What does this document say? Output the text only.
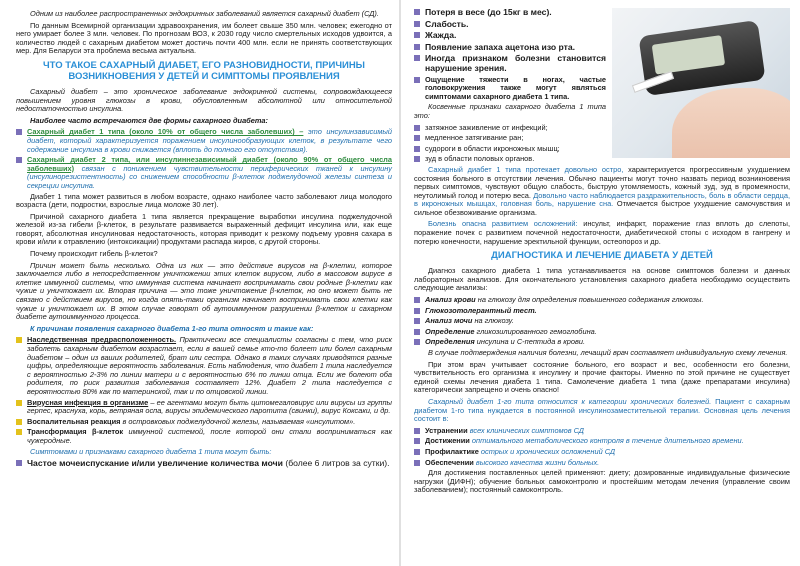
Одним из наиболее распространенных эндокринных заболеваний является сахарный диабет (СД).

По данным Всемирной организации здравоохранения, им болеет свыше 350 млн. человек; ежегодно от него умирает более 3 млн. человек. По прогнозам ВОЗ, к 2030 году число смертельных исходов удвоится, а количество людей с сахарным диабетом может достичь почти 400 млн. если не принять соответствующих мер. Для Беларуси эта проблема весьма актуальна.

ЧТО ТАКОЕ САХАРНЫЙ ДИАБЕТ, ЕГО РАЗНОВИДНОСТИ, ПРИЧИНЫ ВОЗНИКНОВЕНИЯ У ДЕТЕЙ И СИМПТОМЫ ПРОЯВЛЕНИЯ

Сахарный диабет – это хроническое заболевание эндокринной системы, сопровождающееся повышением уровня глюкозы в крови, обусловленным абсолютной или относительной недостаточностью инсулина.

Наиболее часто встречаются две формы сахарного диабета:

Сахарный диабет 1 типа (около 10% от общего числа заболевших) – это инсулинзависимый диабет, который характеризуется поражением инсулинообразующих клеток, в результате чего содержание инсулина в крови снижается (вплоть до полного его отсутствия).
Сахарный диабет 2 типа, или инсулиннезависимый диабет (около 90% от общего числа заболевших) связан с понижением чувствительности периферических тканей к инсулину (инсулинорезистентность) со снижением способности β-клеток поджелудочной железы синтеза и секреции инсулина.

Диабет 1 типа может развиться в любом возрасте, однако наиболее часто заболевают лица молодого возраста (дети, подростки, взрослые лица моложе 30 лет).

Причиной сахарного диабета 1 типа является прекращение выработки инсулина поджелудочной железой из-за гибели β-клеток, в результате развивается выраженный дефицит инсулина или, как еще говорят, абсолютная инсулиновая недостаточность, которая приводит к резкому подъему уровня сахара в крови и/или к отравлению (интоксикации) продуктами распада жиров, с другой стороны.

Почему происходит гибель β-клеток?

Причин может быть несколько. Одна из них — это действие вирусов на β-клетки, которое заключается либо в непосредственном уничтожении этих клеток вирусом, либо в массовом вирусе в клетке иммунной системы, что иммунная система начинает воспринимать свои родные β-клетки как чужие и уничтожает их. Вторая причина — это тоже уничтожение β-клеток, но оно может быть не связано с действием вирусов, но когда опять-таки организм начинает воспринимать свои клетки как чужие и уничтожает их. В этом случае говорят об аутоиммунном разрушении β-клеток и сахарном диабете аутоиммунного процесса.

К причинам появления сахарного диабета 1-го типа относят и такие как:

Наследственная предрасположенность. Практически все специалисты согласны с тем, что риск заболеть сахарным диабетом возрастает, если в вашей семье кто-то болеет или болел сахарным диабетом – один из ваших родителей, брат или сестра. Однако в таких случаях приводятся разные цифры, определяющие вероятность заболевания. Есть наблюдения, что диабет 1 типа наследуется с вероятностью 2-3% по линии матери и с вероятностью 6% по линии отца. Если же болеют оба родителя, по риск развития заболевания составляет 12%. Диабет 2 типа наследуется с вероятностью 80% как по материнской, так и по отцовской линии.
Вирусная инфекция в организме – ее агентами могут быть цитомегаловирус или вирусы из группы герпес, краснуха, корь, ветряная оспа, вирусы эпидемического паротита (свинки), вирус Коксаки, и др.
Воспалительная реакция в островковых поджелудочной железы, называемая «инсулитом».
Трансформация β-клеток иммунной системой, после которой они стали восприниматься как чужеродные.

Симптомами и признаками сахарного диабета 1 типа могут быть:

Частое мочеиспускание и/или увеличение количества мочи (более 6 литров за сутки).
Потеря в весе (до 15кг в мес).
Слабость.
Жажда.
Появление запаха ацетона изо рта.
Иногда признаком болезни становится нарушение зрения.
Ощущение тяжести в ногах, частые головокружения также могут являться симптомами сахарного диабета 1 типа.

Косвенные признаки сахарного диабета 1 типа это:

затяжное заживление от инфекций;
медленное затягивание ран;
судороги в области икроножных мышц;
зуд в области половых органов.

Сахарный диабет 1 типа протекает довольно остро, характеризуется прогрессивным ухудшением состояния больного в отсутствии лечения. Обычно пациенты могут точно назвать период возникновения первых симптомов, чувствуют общую слабость, быструю утомляемость, кожный зуд, зуд в промежности, неутолимый голод и потерю веса. Довольно часто наблюдается раздражительность, боль в области сердца, в икроножных мышцах, головная боль, нарушение сна. Отмечается быстрое ухудшение самочувствия и сильное обезвоживание организма.

Болезнь опасна развитием осложнений: инсульт, инфаркт, поражение глаз вплоть до слепоты, поражение почек с развитием почечной недостаточности, диабетической стопы с исходом в гангрену и потерю конечности, нарушение эректильной функции, остеопороз и др.

ДИАГНОСТИКА И ЛЕЧЕНИЕ ДИАБЕТА У ДЕТЕЙ

Диагноз сахарного диабета 1 типа устанавливается на основе симптомов болезни и данных лабораторных анализов. Для окончательного установления сахарного диабета необходимо осуществить следующие анализы:

Анализ крови на глюкозу для определения повышенного содержания глюкозы.
Глюкозотолерантный тест.
Анализ мочи на глюкозу.
Определение гликозилированного гемоглобина.
Определения инсулина и С-пептида в крови.

В случае подтверждения наличия болезни, лечащий врач составляет индивидуальную схему лечения.

При этом врач учитывает состояние больного, его возраст и вес, особенности его болезни, чувствительность его организма к инсулину и прочие факторы. Именно по этой причине не существует единой схемы лечения диабета 1 типа. Самолечение диабета 1 типа (даже препаратами инсулина) категорически запрещено и очень опасно!

Сахарный диабет 1-го типа относится к категории хронических болезней. Пациент с сахарным диабетом 1-го типа нуждается в постоянной инсулинозаместительной терапии. Основная цель лечения состоит в:

Устранении всех клинических симптомов СД
Достижении оптимального метаболического контроля в течение длительного времени.
Профилактике острых и хронических осложнений СД
Обеспечении высокого качества жизни больных.

Для достижения поставленных целей применяют: диету; дозированные индивидуальные физические нагрузки (ДИФН); обучение больных самоконтролю и простейшим методам лечения (управление своим заболеванием); постоянный самоконтроль.
